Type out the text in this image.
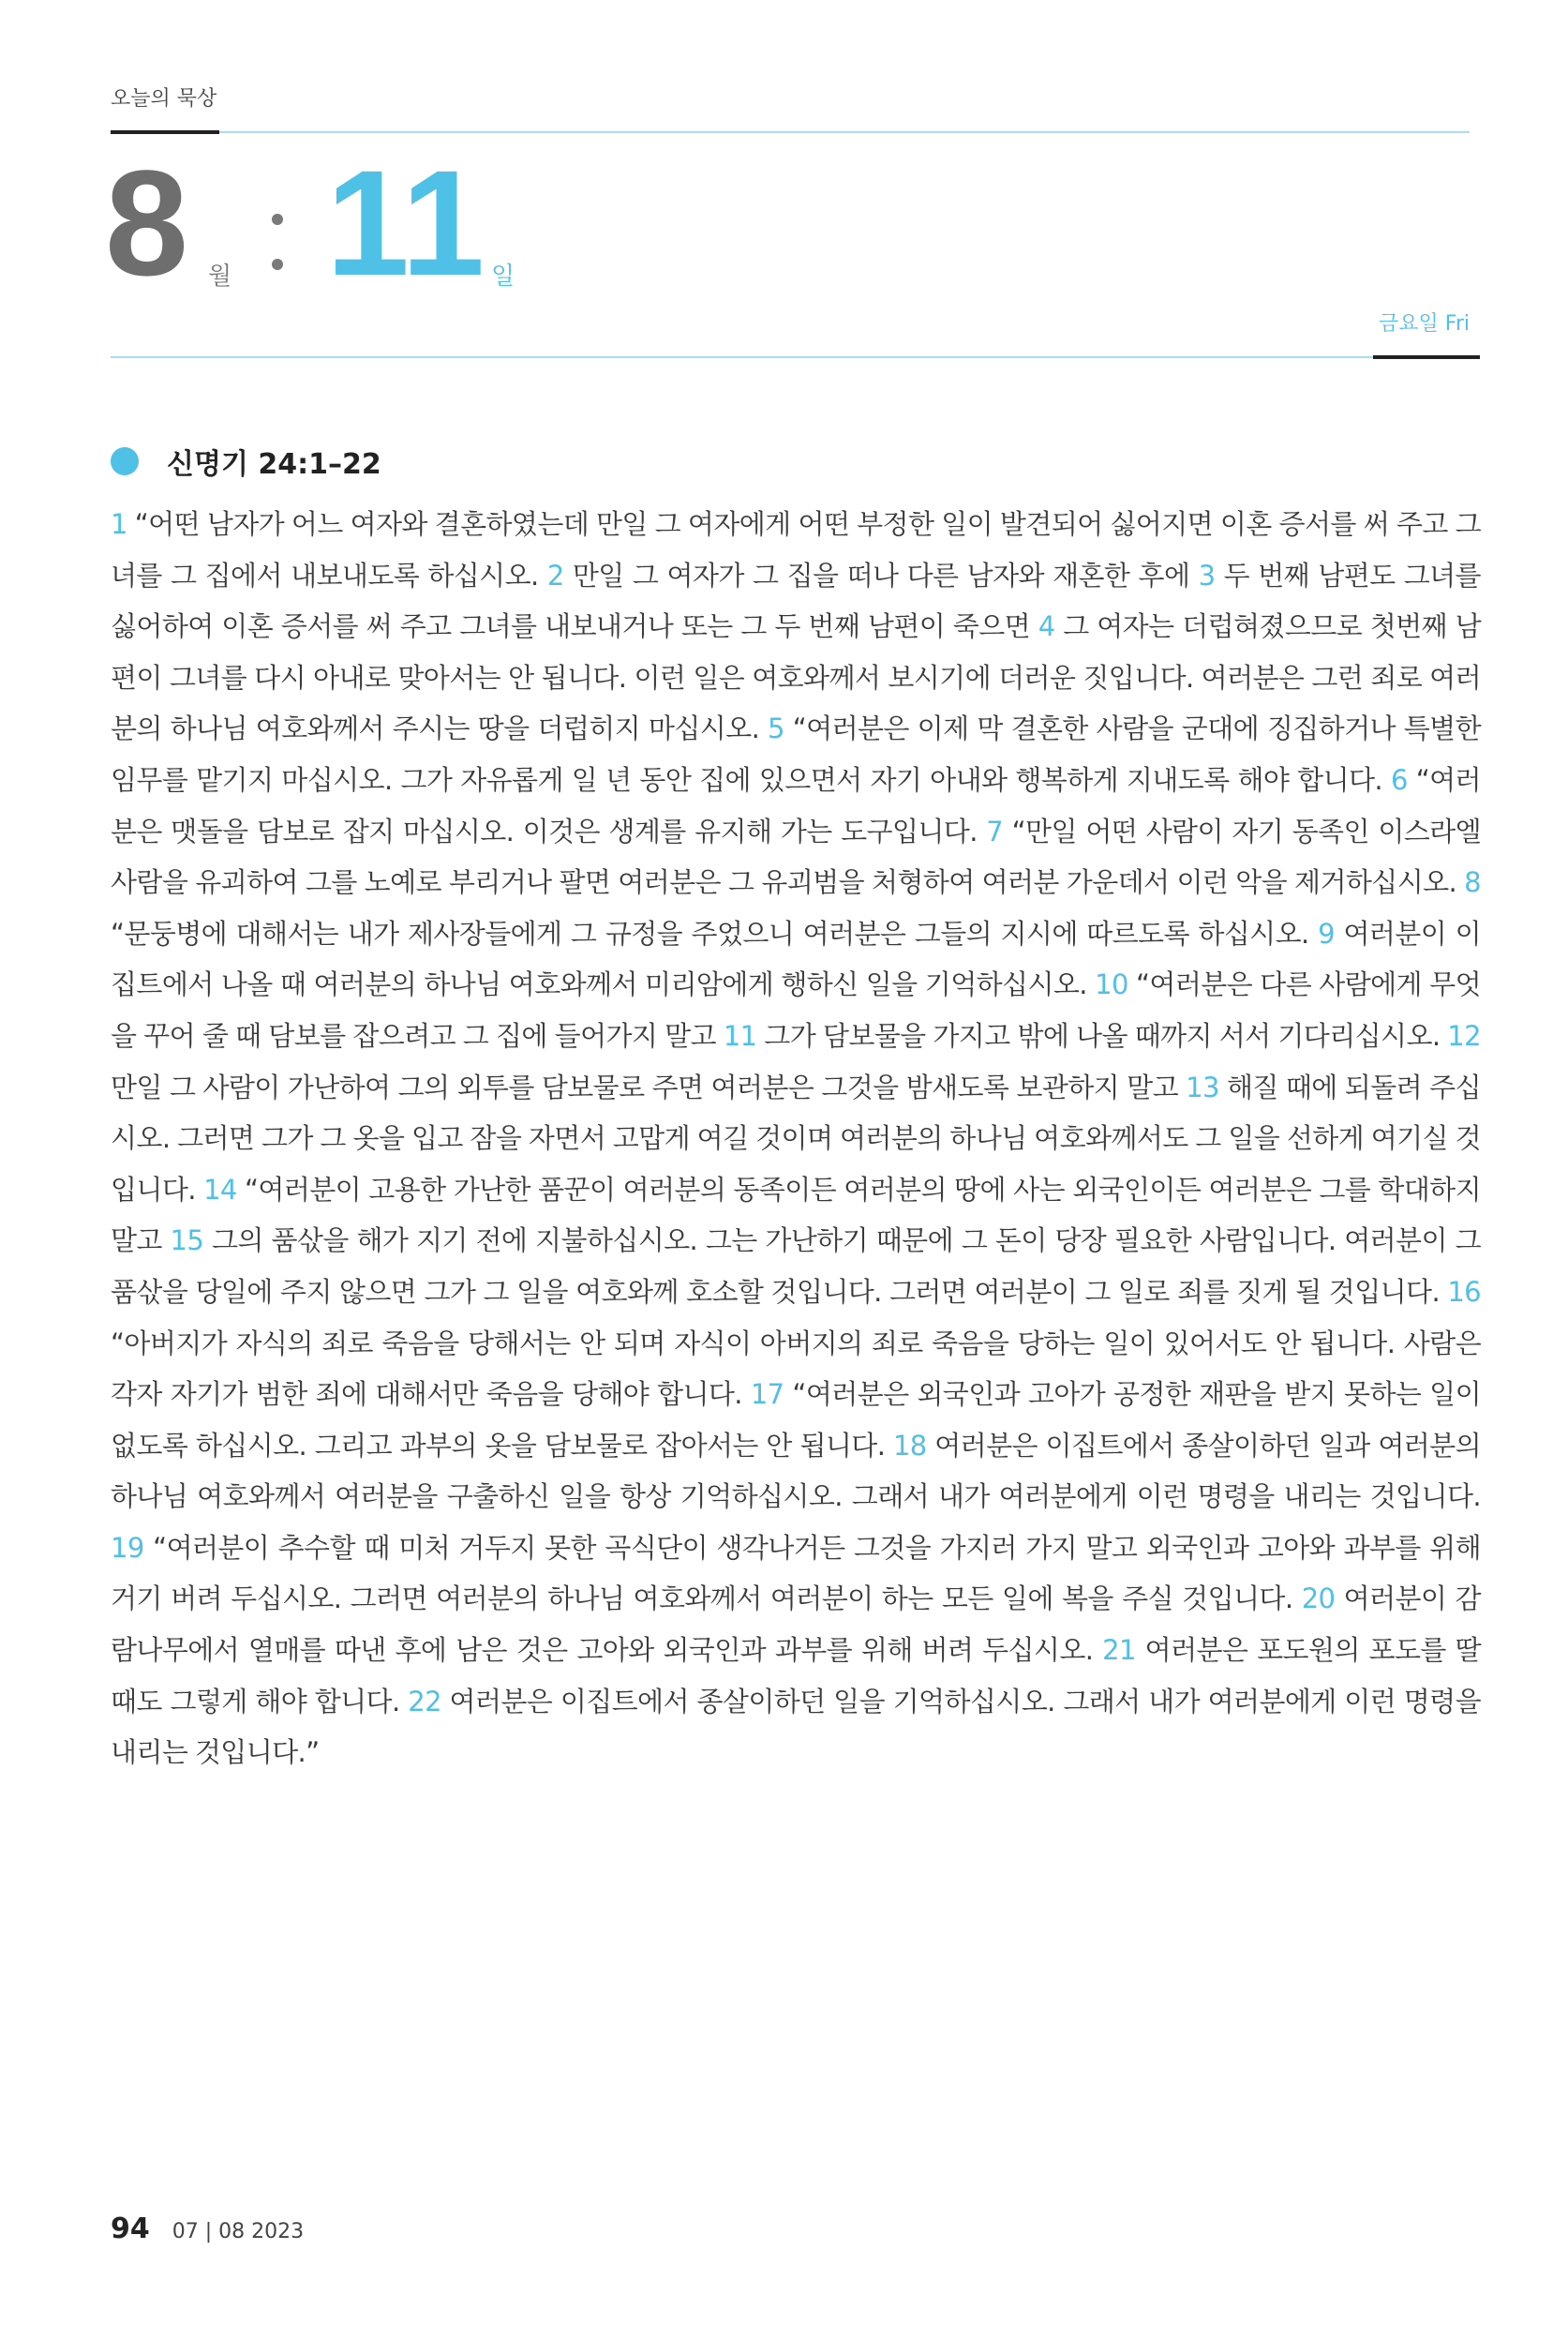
오늘의 묵상
8 월 11 일
금요일 Fri
신명기 24:1–22
1 “어떤 남자가 어느 여자와 결혼하였는데 만일 그 여자에게 어떤 부정한 일이 발견되어 싫어지면 이혼 증서를 써 주고 그녀를 그 집에서 내보내도록 하십시오. 2 만일 그 여자가 그 집을 떠나 다른 남자와 재혼한 후에 3 두 번째 남편도 그녀를 싫어하여 이혼 증서를 써 주고 그녀를 내보내거나 또는 그 두 번째 남편이 죽으면 4 그 여자는 더럽혀졌으므로 첫번째 남편이 그녀를 다시 아내로 맞아서는 안 됩니다. 이런 일은 여호와께서 보시기에 더러운 짓입니다. 여러분은 그런 죄로 여러분의 하나님 여호와께서 주시는 땅을 더럽히지 마십시오. 5 “여러분은 이제 막 결혼한 사람을 군대에 징집하거나 특별한 임무를 맡기지 마십시오. 그가 자유롭게 일 년 동안 집에 있으면서 자기 아내와 행복하게 지내도록 해야 합니다. 6 “여러분은 맷돌을 담보로 잡지 마십시오. 이것은 생계를 유지해 가는 도구입니다. 7 “만일 어떤 사람이 자기 동족인 이스라엘 사람을 유괴하여 그를 노예로 부리거나 팔면 여러분은 그 유괴범을 처형하여 여러분 가운데서 이런 악을 제거하십시오. 8 “문둥병에 대해서는 내가 제사장들에게 그 규정을 주었으니 여러분은 그들의 지시에 따르도록 하십시오. 9 여러분이 이집트에서 나올 때 여러분의 하나님 여호와께서 미리암에게 행하신 일을 기억하십시오. 10 “여러분은 다른 사람에게 무엇을 꾸어 줄 때 담보를 잡으려고 그 집에 들어가지 말고 11 그가 담보물을 가지고 밖에 나올 때까지 서서 기다리십시오. 12 만일 그 사람이 가난하여 그의 외투를 담보물로 주면 여러분은 그것을 밤새도록 보관하지 말고 13 해질 때에 되돌려 주십시오. 그러면 그가 그 옷을 입고 잠을 자면서 고맙게 여길 것이며 여러분의 하나님 여호와께서도 그 일을 선하게 여기실 것입니다. 14 “여러분이 고용한 가난한 품꾼이 여러분의 동족이든 여러분의 땅에 사는 외국인이든 여러분은 그를 학대하지 말고 15 그의 품삯을 해가 지기 전에 지불하십시오. 그는 가난하기 때문에 그 돈이 당장 필요한 사람입니다. 여러분이 그 품삯을 당일에 주지 않으면 그가 그 일을 여호와께 호소할 것입니다. 그러면 여러분이 그 일로 죄를 짓게 될 것입니다. 16 “아버지가 자식의 죄로 죽음을 당해서는 안 되며 자식이 아버지의 죄로 죽음을 당하는 일이 있어서도 안 됩니다. 사람은 각자 자기가 범한 죄에 대해서만 죽음을 당해야 합니다. 17 “여러분은 외국인과 고아가 공정한 재판을 받지 못하는 일이 없도록 하십시오. 그리고 과부의 옷을 담보물로 잡아서는 안 됩니다. 18 여러분은 이집트에서 종살이하던 일과 여러분의 하나님 여호와께서 여러분을 구출하신 일을 항상 기억하십시오. 그래서 내가 여러분에게 이런 명령을 내리는 것입니다. 19 “여러분이 추수할 때 미처 거두지 못한 곡식단이 생각나거든 그것을 가지러 가지 말고 외국인과 고아와 과부를 위해 거기 버려 두십시오. 그러면 여러분의 하나님 여호와께서 여러분이 하는 모든 일에 복을 주실 것입니다. 20 여러분이 감람나무에서 열매를 따낸 후에 남은 것은 고아와 외국인과 과부를 위해 버려 두십시오. 21 여러분은 포도원의 포도를 딸 때도 그렇게 해야 합니다. 22 여러분은 이집트에서 종살이하던 일을 기억하십시오. 그래서 내가 여러분에게 이런 명령을 내리는 것입니다.”
94 07 | 08 2023
